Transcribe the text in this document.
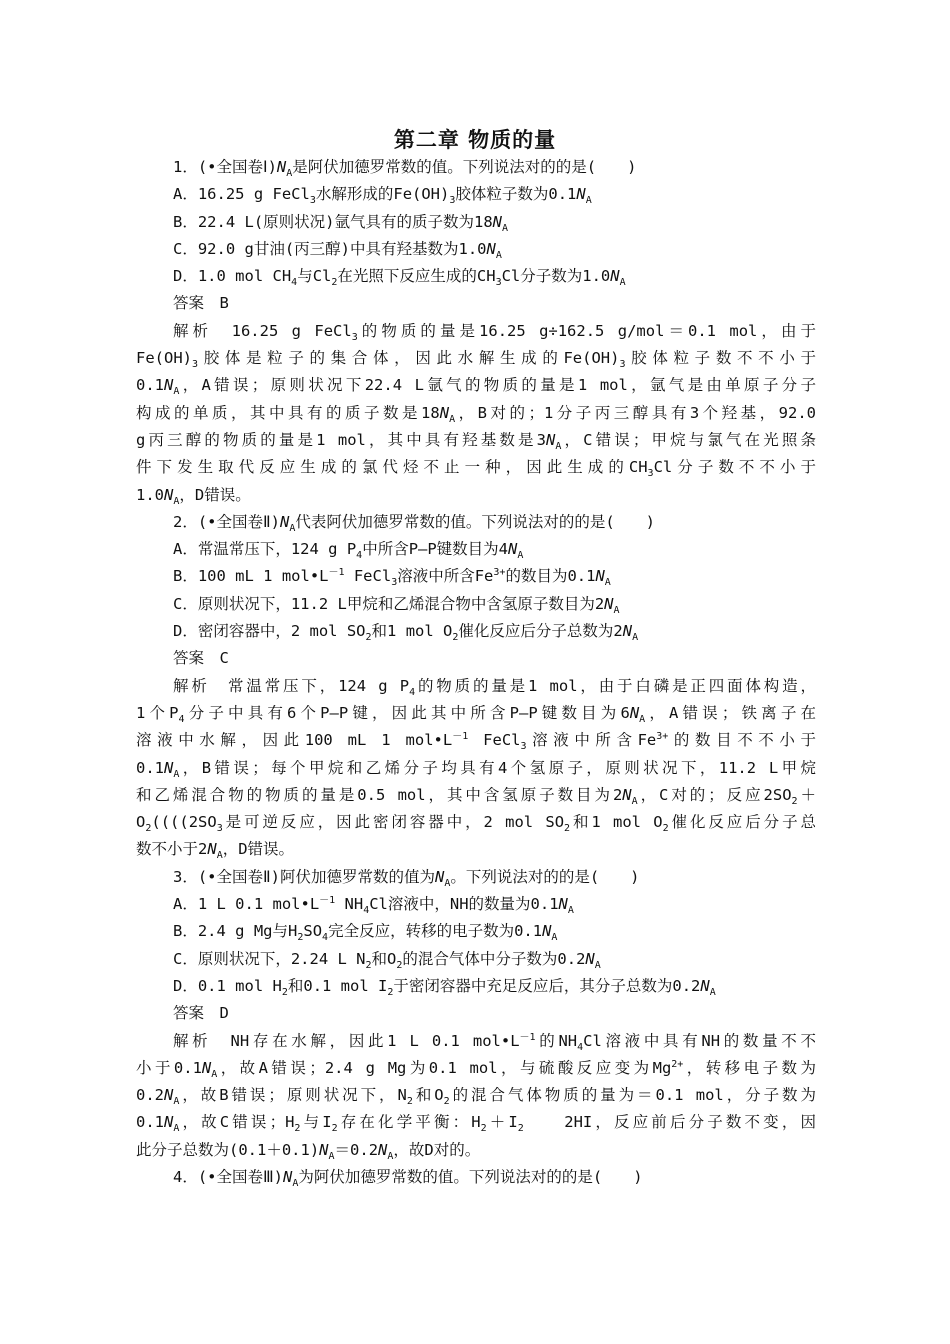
第二章 物质的量
1．(•全国卷$Ⅰ)N_A$是阿伏加德罗常数的值。下列说法对的的是(　　)
A．16.25 g FeCl$_3$水解形成的$Fe(OH)_3$胶体粒子数为$0.1N_A$
B．22.4 L(原则状况)氩气具有的质子数为$18N_A$
C．92.0 g甘油(丙三醇)中具有羟基数为$1.0N_A$
D．1.0 mol $CH_4$与$Cl_2$在光照下反应生成的$CH_3Cl$分子数为$1.0N_A$
答案　B
解析　16.25 g FeCl$_3$的物质的量是16.25 g÷162.5 g/mol＝0.1 mol，由于
$Fe(OH)_3$胶体是粒子的集合体，因此水解生成的$Fe(OH)_3$胶体粒子数不不小于
$0.1N_A$，A错误；原则状况下22.4 L氩气的物质的量是1 mol，氩气是由单原子分子
构成的单质，其中具有的质子数是$18N_A$，B对的；1分子丙三醇具有3个羟基，92.0
g丙三醇的物质的量是1 mol，其中具有羟基数是$3N_A$，C错误；甲烷与氯气在光照条
件下发生取代反应生成的氯代烃不止一种，因此生成的$CH_3Cl$分子数不不小于
$1.0N_A$，D错误。
2．(•全国卷$Ⅱ)N_A$代表阿伏加德罗常数的值。下列说法对的的是(　　)
A．常温常压下，124 g $P_4$中所含P—P键数目为$4N_A$
B．100 mL 1 $mol•L^{-1}$ FeCl$_3$溶液中所含$Fe^{3+}$的数目为$0.1N_A$
C．原则状况下，11.2 L甲烷和乙烯混合物中含氢原子数目为$2N_A$
D．密闭容器中，2 mol $SO_2$和1 mol $O_2$催化反应后分子总数为$2N_A$
答案　C
解析　常温常压下，124 g $P_4$的物质的量是1 mol，由于白磷是正四面体构造，
1个$P_4$分子中具有6个P—P键，因此其中所含P—P键数目为$6N_A$，A错误；铁离子在
溶液中水解，因此100 mL 1 $mol•L^{-1}$ FeCl$_3$溶液中所含$Fe^{3+}$的数目不不小于
$0.1N_A$，B错误；每个甲烷和乙烯分子均具有4个氢原子，原则状况下，11.2 L甲烷
和乙烯混合物的物质的量是0.5 mol，其中含氢原子数目为$2N_A$，C对的；反应$2SO_2+$
$O_2((((2SO_3$是可逆反应，因此密闭容器中，2 mol $SO_2$和1 mol $O_2$催化反应后分子总
数不小于$2N_A$，D错误。
3．(•全国卷Ⅱ)阿伏加德罗常数的值为$N_A$。下列说法对的的是(　　)
A．1 L 0.1 $mol•L^{-1}$ $NH_4Cl$溶液中，NH的数量为$0.1N_A$
B．2.4 g Mg与$H_2SO_4$完全反应，转移的电子数为$0.1N_A$
C．原则状况下，2.24 L $N_2$和$O_2$的混合气体中分子数为$0.2N_A$
D．0.1 mol $H_2$和0.1 mol $I_2$于密闭容器中充足反应后，其分子总数为$0.2N_A$
答案　D
解析　NH存在水解，因此1 L 0.1 $mol•L^{-1}$的$NH_4Cl$溶液中具有NH的数量不不
小于$0.1N_A$，故A错误；2.4 g Mg为0.1 mol，与硫酸反应变为$Mg^{2+}$，转移电子数为
$0.2N_A$，故B错误；原则状况下，$N_2$和$O_2$的混合气体物质的量为＝0.1 mol，分子数为
$0.1N_A$，故C错误；$H_2$与$I_2$存在化学平衡：$H_2+I_2$　　2HI，反应前后分子数不变，因
此分子总数为$(0.1+0.1)N_A=0.2N_A$，故D对的。
4．(•全国卷$Ⅲ)N_A$为阿伏加德罗常数的值。下列说法对的的是(　　)
